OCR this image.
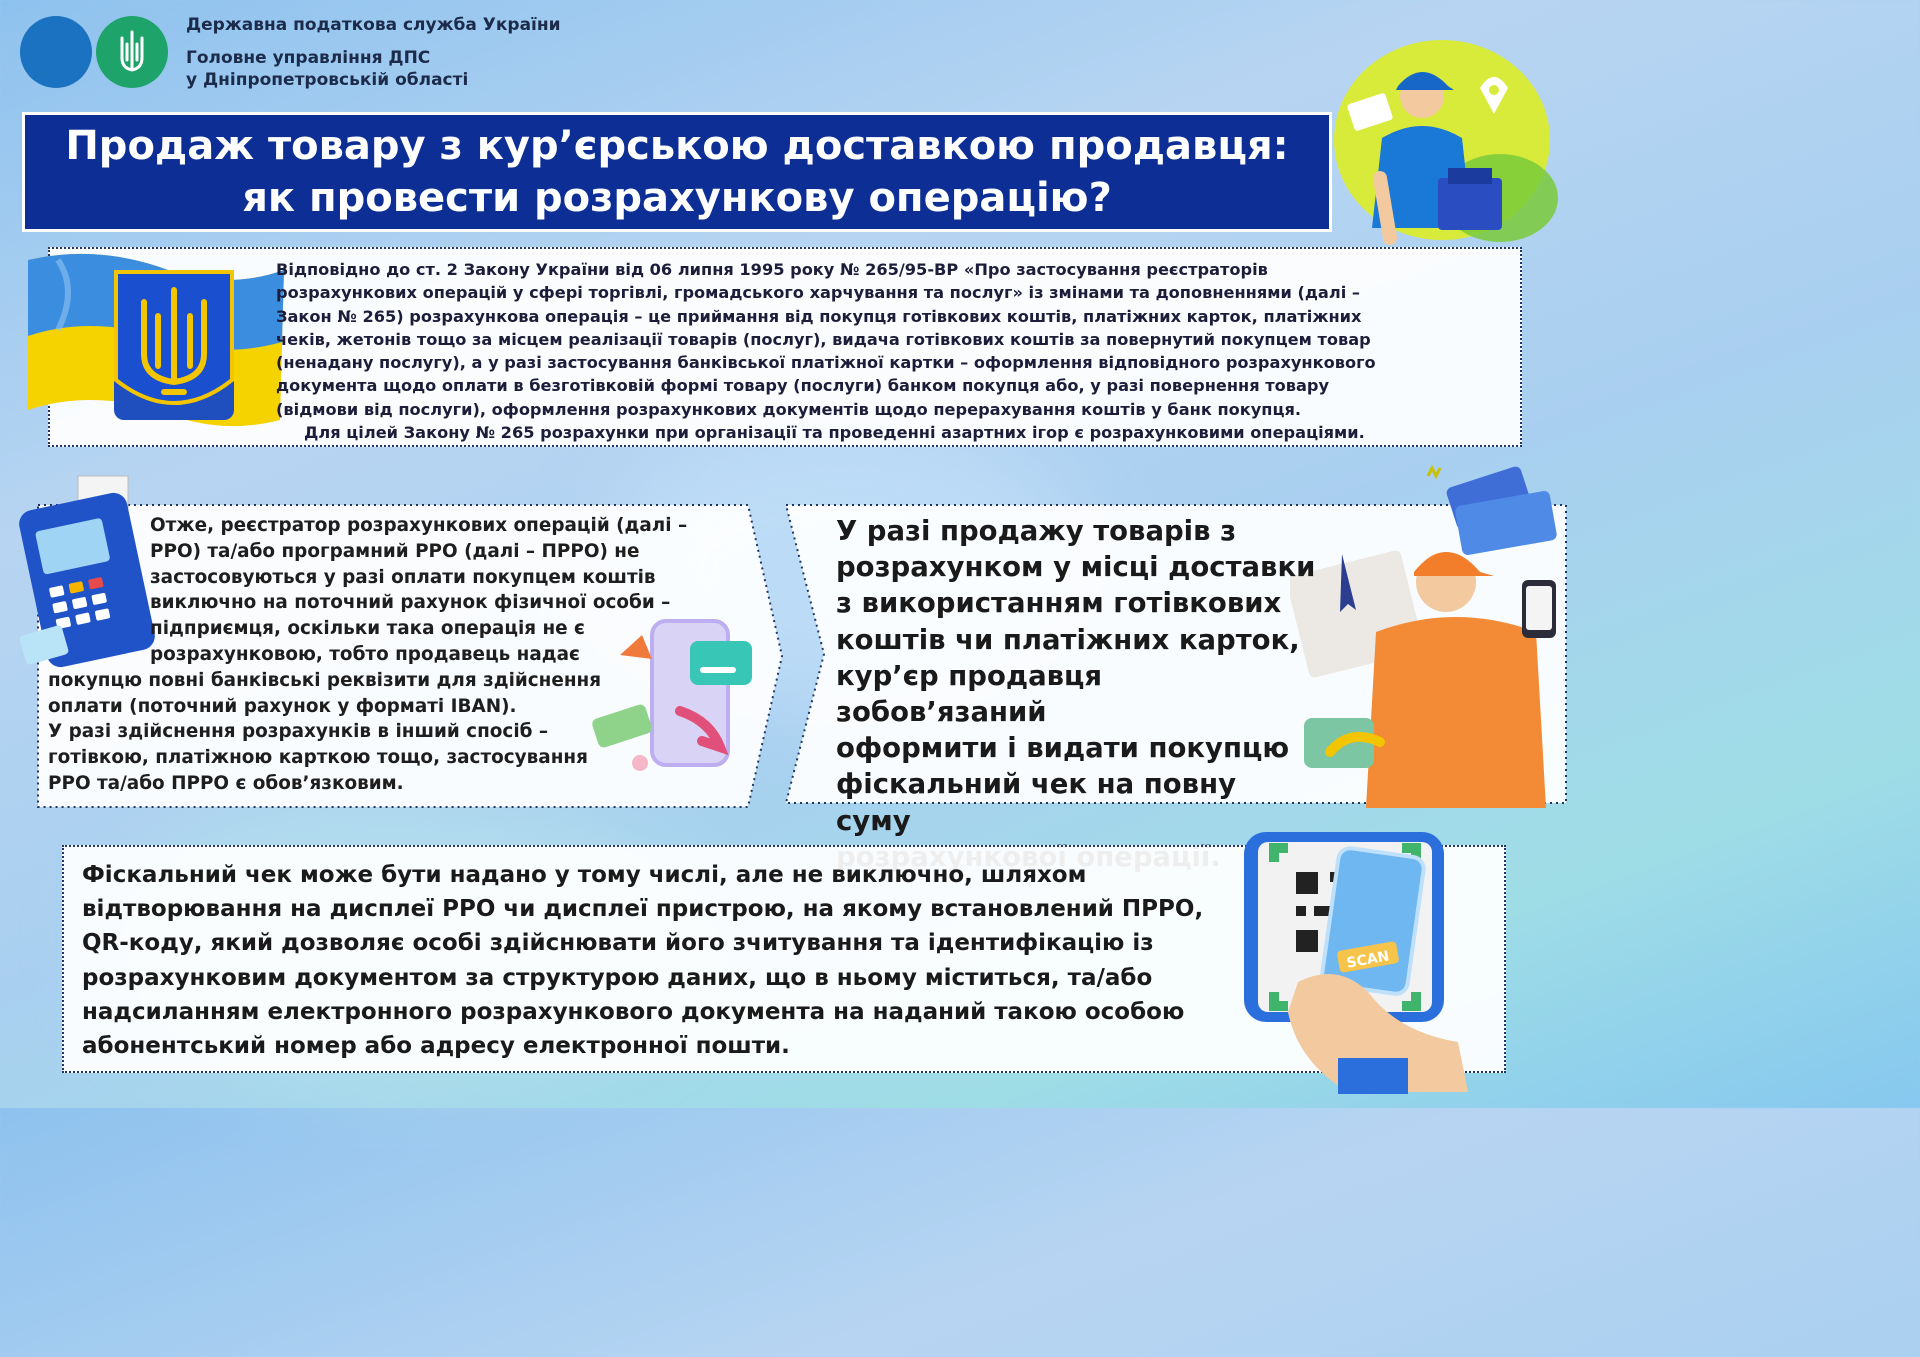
Державна податкова служба України
Головне управління ДПС
у Дніпропетровській області
Продаж товару з кур’єрською доставкою продавця:
як провести розрахункову операцію?
Відповідно до ст. 2 Закону України від 06 липня 1995 року № 265/95-ВР «Про застосування реєстраторів
розрахункових операцій у сфері торгівлі, громадського харчування та послуг» із змінами та доповненнями (далі –
Закон № 265) розрахункова операція – це приймання від покупця готівкових коштів, платіжних карток, платіжних
чеків, жетонів тощо за місцем реалізації товарів (послуг), видача готівкових коштів за повернутий покупцем товар
(ненадану послугу), а у разі застосування банківської платіжної картки – оформлення відповідного розрахункового
документа щодо оплати в безготівковій формі товару (послуги) банком покупця або, у разі повернення товару
(відмови від послуги), оформлення розрахункових документів щодо перерахування коштів у банк покупця.
Для цілей Закону № 265 розрахунки при організації та проведенні азартних ігор є розрахунковими операціями.
Отже, реєстратор розрахункових операцій (далі –
РРО) та/або програмний РРО (далі – ПРРО) не
застосовуються у разі оплати покупцем коштів
виключно на поточний рахунок фізичної особи –
підприємця, оскільки така операція не є
розрахунковою, тобто продавець надає
покупцю повні банківські реквізити для здійснення
оплати (поточний рахунок у форматі IBAN).
У разі здійснення розрахунків в інший спосіб –
готівкою, платіжною карткою тощо, застосування
РРО та/або ПРРО є обов’язковим.
У разі продажу товарів з
розрахунком у місці доставки
з використанням готівкових
коштів чи платіжних карток,
кур’єр продавця зобов’язаний
оформити і видати покупцю
фіскальний чек на повну суму
Фіскальний чек може бути надано у тому числі, але не виключно, шляхом
відтворювання на дисплеї РРО чи дисплеї пристрою, на якому встановлений ПРРО,
QR-коду, який дозволяє особі здійснювати його зчитування та ідентифікацію із
розрахунковим документом за структурою даних, що в ньому міститься, та/або
надсиланням електронного розрахункового документа на наданий такою особою
абонентський номер або адресу електронної пошти.
SCAN
